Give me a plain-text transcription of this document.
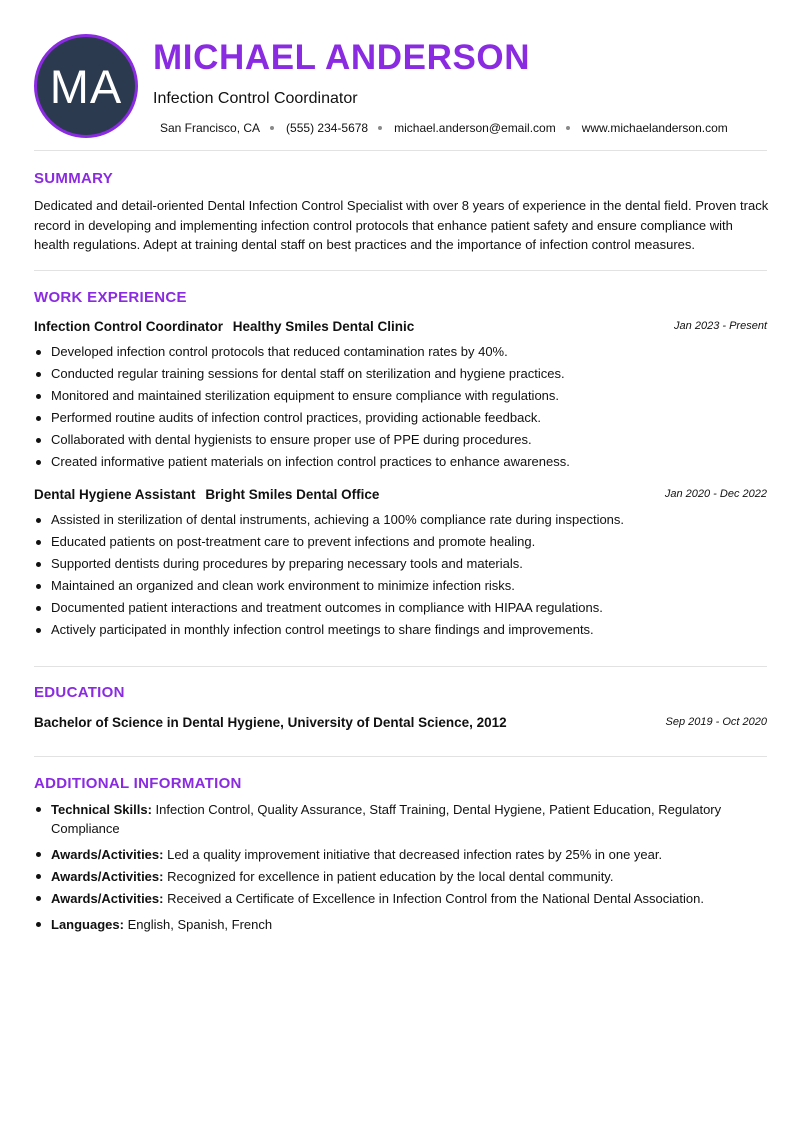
MA
MICHAEL ANDERSON

Infection Control Coordinator

San Francisco, CA (555) 234-5678 michael.anderson@email.com www.michaelanderson.com
SUMMARY

Dedicated and detail-oriented Dental Infection Control Specialist with over 8 years of experience in the dental field. Proven track record in developing and implementing infection control protocols that enhance patient safety and ensure compliance with health regulations. Adept at training dental staff on best practices and the importance of infection control measures.

WORK EXPERIENCE
Infection Control Coordinator Healthy Smiles Dental Clinic	Jan 2023 - Present
Developed infection control protocols that reduced contamination rates by 40%.
Conducted regular training sessions for dental staff on sterilization and hygiene practices.
Monitored and maintained sterilization equipment to ensure compliance with regulations.
Performed routine audits of infection control practices, providing actionable feedback.
Collaborated with dental hygienists to ensure proper use of PPE during procedures.
Created informative patient materials on infection control practices to enhance awareness.
Dental Hygiene Assistant Bright Smiles Dental Office	Jan 2020 - Dec 2022
Assisted in sterilization of dental instruments, achieving a 100% compliance rate during inspections.
Educated patients on post-treatment care to prevent infections and promote healing.
Supported dentists during procedures by preparing necessary tools and materials.
Maintained an organized and clean work environment to minimize infection risks.
Documented patient interactions and treatment outcomes in compliance with HIPAA regulations.
Actively participated in monthly infection control meetings to share findings and improvements.
EDUCATION
Bachelor of Science in Dental Hygiene, University of Dental Science, 2012	Sep 2019 - Oct 2020
ADDITIONAL INFORMATION
Technical Skills: Infection Control, Quality Assurance, Staff Training, Dental Hygiene, Patient Education, Regulatory Compliance
Awards/Activities: Led a quality improvement initiative that decreased infection rates by 25% in one year.
Awards/Activities: Recognized for excellence in patient education by the local dental community.
Awards/Activities: Received a Certificate of Excellence in Infection Control from the National Dental Association.
Languages: English, Spanish, French
